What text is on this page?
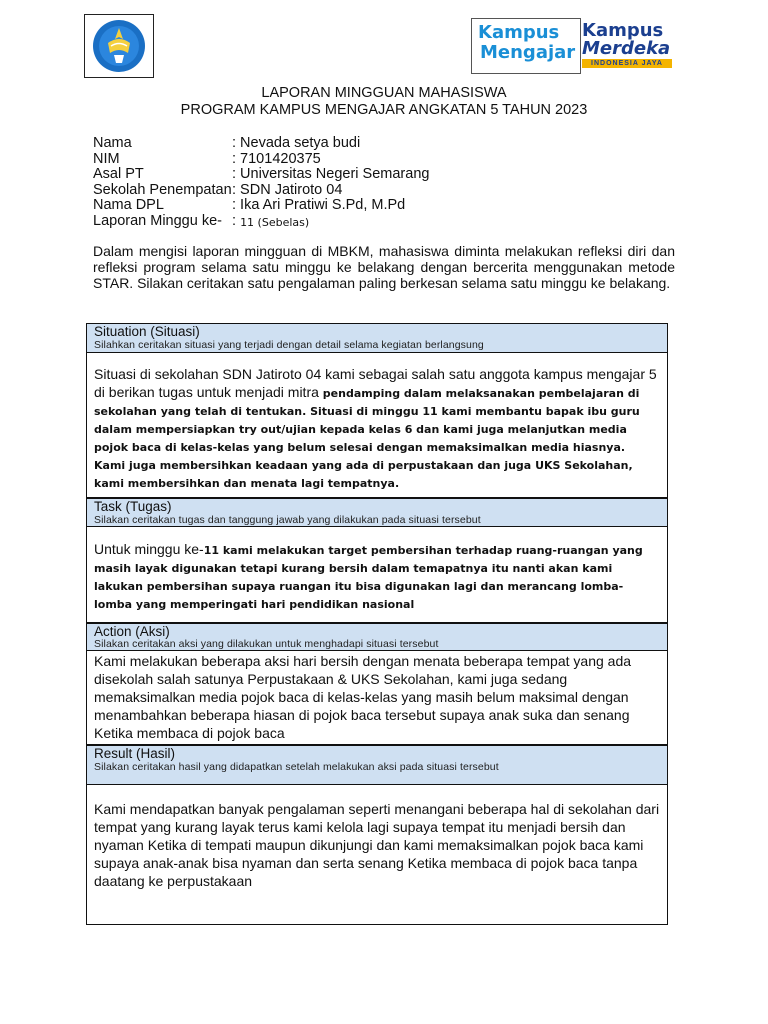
Kampus
Mengajar
Kampus
Merdeka
INDONESIA JAYA
LAPORAN MINGGUAN MAHASISWA
PROGRAM KAMPUS MENGAJAR ANGKATAN 5 TAHUN 2023
Nama	: Nevada setya budi
NIM	: 7101420375
Asal PT	: Universitas Negeri Semarang
Sekolah Penempatan : SDN Jatiroto 04
Nama DPL	: Ika Ari Pratiwi S.Pd, M.Pd
Laporan Minggu ke- : 11 (Sebelas)
Dalam mengisi laporan mingguan di MBKM, mahasiswa diminta melakukan refleksi diri dan refleksi program selama satu minggu ke belakang dengan bercerita menggunakan metode STAR. Silakan ceritakan satu pengalaman paling berkesan selama satu minggu ke belakang.
Situation (Situasi)
Silahkan ceritakan situasi yang terjadi dengan detail selama kegiatan berlangsung
Situasi di sekolahan SDN Jatiroto 04 kami sebagai salah satu anggota kampus mengajar 5 di berikan tugas untuk menjadi mitra pendamping dalam melaksanakan pembelajaran di sekolahan yang telah di tentukan. Situasi di minggu 11 kami membantu bapak ibu guru dalam mempersiapkan try out/ujian kepada kelas 6 dan kami juga melanjutkan media pojok baca di kelas-kelas yang belum selesai dengan memaksimalkan media hiasnya. Kami juga membersihkan keadaan yang ada di perpustakaan dan juga UKS Sekolahan, kami membersihkan dan menata lagi tempatnya.
Task (Tugas)
Silakan ceritakan tugas dan tanggung jawab yang dilakukan pada situasi tersebut
Untuk minggu ke-11 kami melakukan target pembersihan terhadap ruang-ruangan yang masih layak digunakan tetapi kurang bersih dalam temapatnya itu nanti akan kami lakukan pembersihan supaya ruangan itu bisa digunakan lagi dan merancang lomba-lomba yang memperingati hari pendidikan nasional
Action (Aksi)
Silakan ceritakan aksi yang dilakukan untuk menghadapi situasi tersebut
Kami melakukan beberapa aksi hari bersih dengan menata beberapa tempat yang ada disekolah salah satunya Perpustakaan & UKS Sekolahan, kami juga sedang memaksimalkan media pojok baca di kelas-kelas yang masih belum maksimal dengan menambahkan beberapa hiasan di pojok baca tersebut supaya anak suka dan senang Ketika membaca di pojok baca
Result (Hasil)
Silakan ceritakan hasil yang didapatkan setelah melakukan aksi pada situasi tersebut
Kami mendapatkan banyak pengalaman seperti menangani beberapa hal di sekolahan dari tempat yang kurang layak terus kami kelola lagi supaya tempat itu menjadi bersih dan nyaman Ketika di tempati maupun dikunjungi dan kami memaksimalkan pojok baca kami supaya anak-anak bisa nyaman dan serta senang Ketika membaca di pojok baca tanpa daatang ke perpustakaan
